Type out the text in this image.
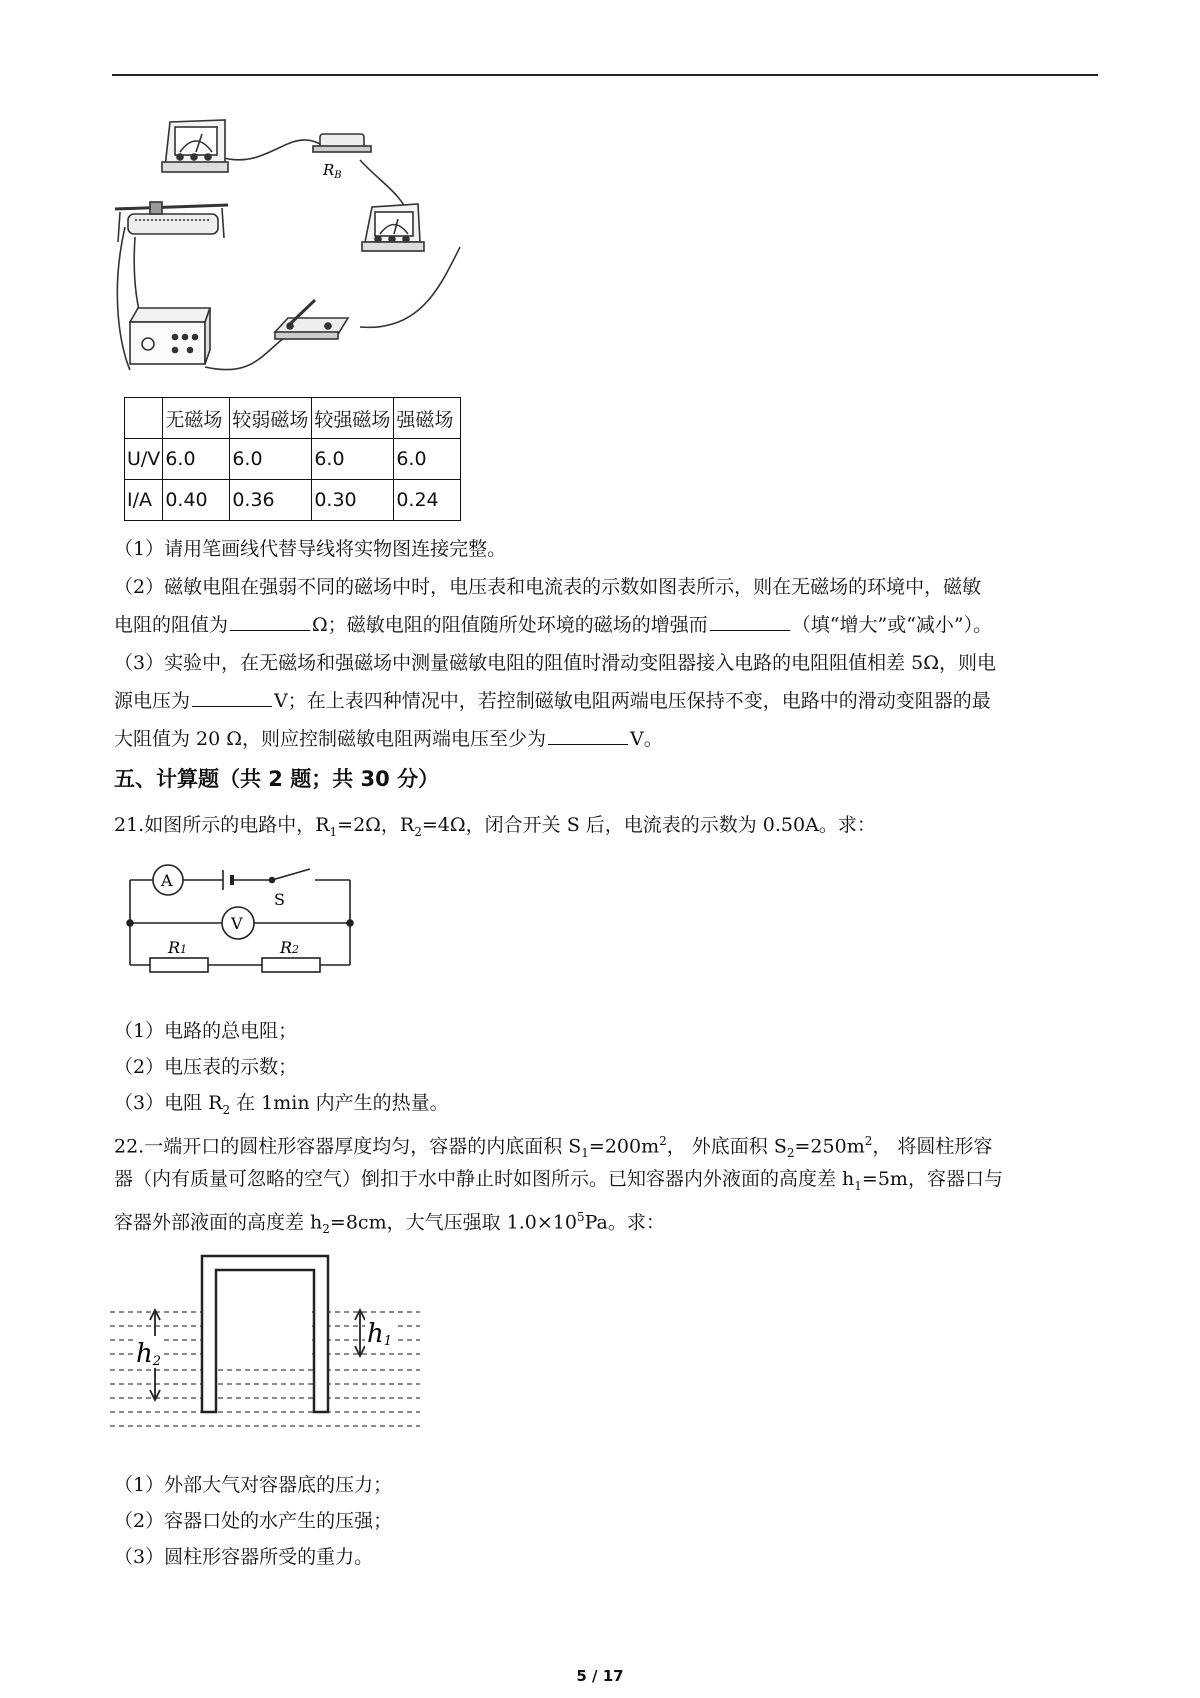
$R_B$
	无磁场	较弱磁场	较强磁场	强磁场
U/V	6.0	6.0	6.0	6.0
I/A	0.40	0.36	0.30	0.24
（1）请用笔画线代替导线将实物图连接完整。
（2）磁敏电阻在强弱不同的磁场中时，电压表和电流表的示数如图表所示，则在无磁场的环境中，磁敏
电阻的阻值为	Ω；磁敏电阻的阻值随所处环境的磁场的增强而	（填“增大”或“减小”）。
（3）实验中，在无磁场和强磁场中测量磁敏电阻的阻值时滑动变阻器接入电路的电阻阻值相差 5Ω，则电
源电压为	V；在上表四种情况中，若控制磁敏电阻两端电压保持不变，电路中的滑动变阻器的最
大阻值为 20 Ω，则应控制磁敏电阻两端电压至少为	V。
五、计算题（共 2 题；共 30 分）
21.如图所示的电路中，$R_1=2\Omega$，$R_2=4\Omega$，闭合开关 S 后，电流表的示数为 0.50A。求：
A
V
S
R1	R2
（1）电路的总电阻；
（2）电压表的示数；
（3）电阻 $R_2$ 在 1min 内产生的热量。
22.一端开口的圆柱形容器厚度均匀，容器的内底面积 $S_1=200m^2$， 外底面积 $S_2=250m^2$， 将圆柱形容
器（内有质量可忽略的空气）倒扣于水中静止时如图所示。已知容器内外液面的高度差 $h_1=5m$，容器口与
容器外部液面的高度差 $h_2=8cm$，大气压强取 $1.0\times 10^5Pa$。求：
h2
h1
（1）外部大气对容器底的压力；
（2）容器口处的水产生的压强；
（3）圆柱形容器所受的重力。
5 / 17
